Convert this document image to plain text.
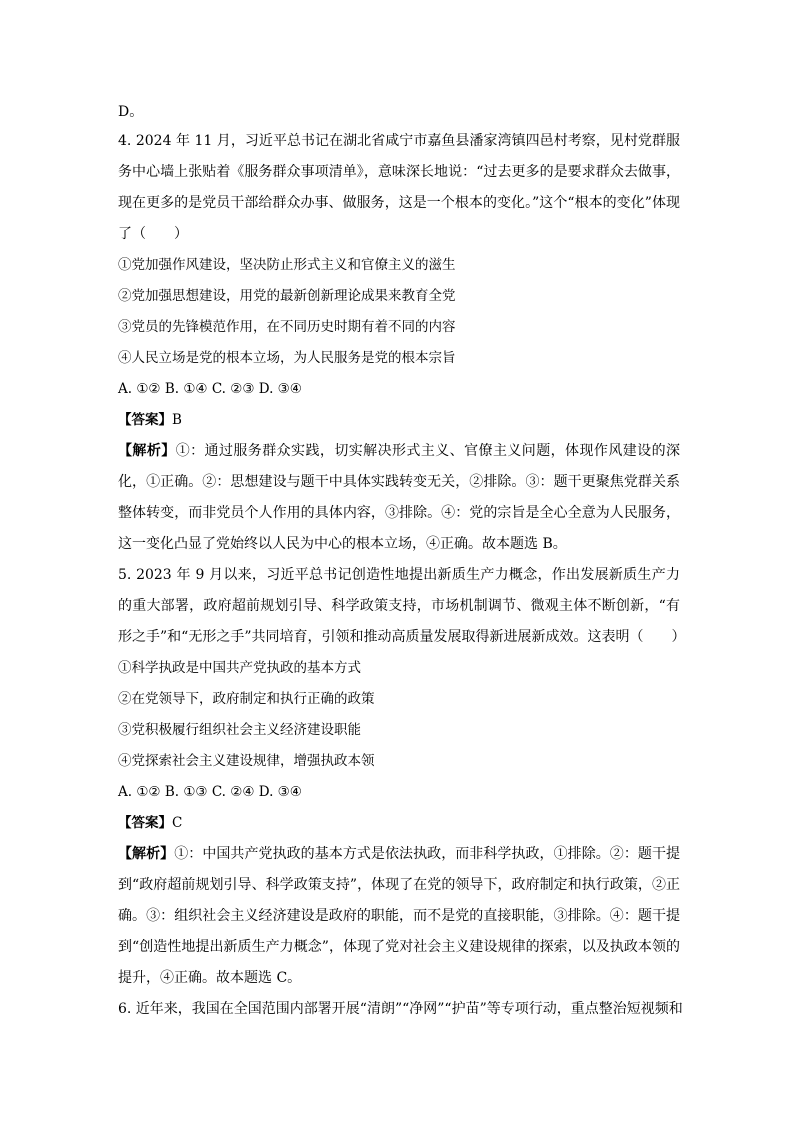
D。
4. 2024 年 11 月，习近平总书记在湖北省咸宁市嘉鱼县潘家湾镇四邑村考察，见村党群服务中心墙上张贴着《服务群众事项清单》，意味深长地说：“过去更多的是要求群众去做事，现在更多的是党员干部给群众办事、做服务，这是一个根本的变化。”这个“根本的变化”体现了（　　）
①党加强作风建设，坚决防止形式主义和官僚主义的滋生
②党加强思想建设，用党的最新创新理论成果来教育全党
③党员的先锋模范作用，在不同历史时期有着不同的内容
④人民立场是党的根本立场，为人民服务是党的根本宗旨
A. ①② B. ①④ C. ②③ D. ③④
【答案】B
【解析】①：通过服务群众实践，切实解决形式主义、官僚主义问题，体现作风建设的深化，①正确。②：思想建设与题干中具体实践转变无关，②排除。③：题干更聚焦党群关系整体转变，而非党员个人作用的具体内容，③排除。④：党的宗旨是全心全意为人民服务，这一变化凸显了党始终以人民为中心的根本立场，④正确。故本题选 B。
5. 2023 年 9 月以来，习近平总书记创造性地提出新质生产力概念，作出发展新质生产力的重大部署，政府超前规划引导、科学政策支持，市场机制调节、微观主体不断创新，“有形之手”和“无形之手”共同培育，引领和推动高质量发展取得新进展新成效。这表明（　　）
①科学执政是中国共产党执政的基本方式
②在党领导下，政府制定和执行正确的政策
③党积极履行组织社会主义经济建设职能
④党探索社会主义建设规律，增强执政本领
A. ①② B. ①③ C. ②④ D. ③④
【答案】C
【解析】①：中国共产党执政的基本方式是依法执政，而非科学执政，①排除。②：题干提到“政府超前规划引导、科学政策支持”，体现了在党的领导下，政府制定和执行政策，②正确。③：组织社会主义经济建设是政府的职能，而不是党的直接职能，③排除。④：题干提到“创造性地提出新质生产力概念”，体现了党对社会主义建设规律的探索，以及执政本领的提升，④正确。故本题选 C。
6. 近年来，我国在全国范围内部署开展“清朗”“净网”“护苗”等专项行动，重点整治短视频和
